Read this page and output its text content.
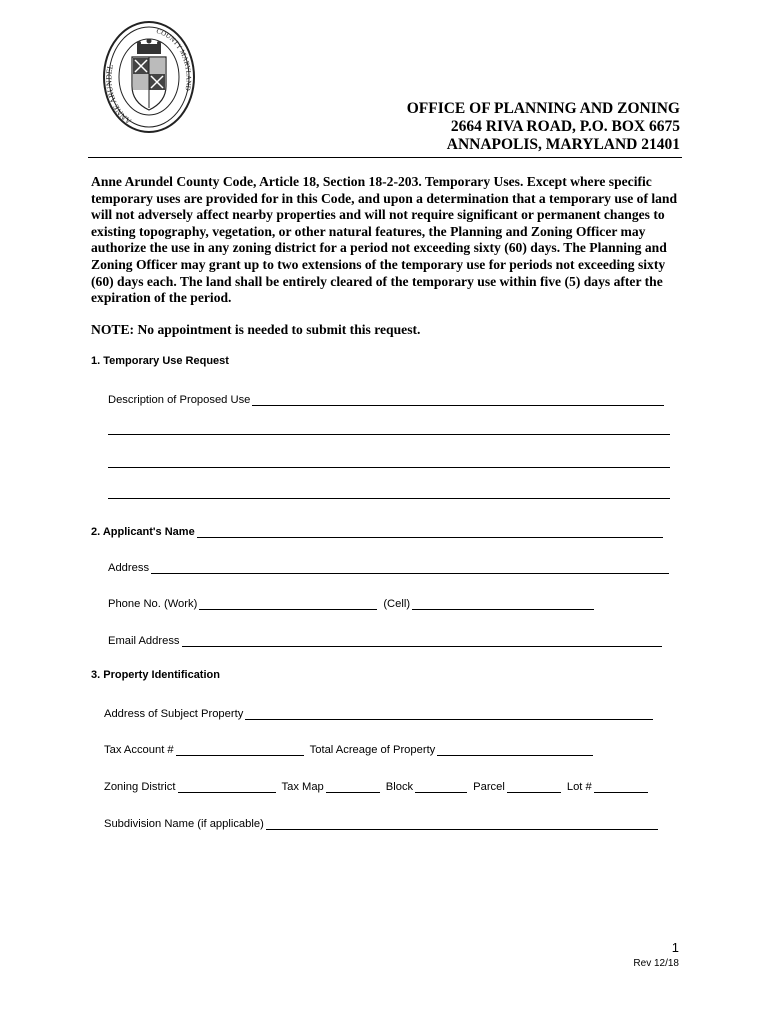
ANNE ARUNDEL
COUNTY MARYLAND
OFFICE OF PLANNING AND ZONING
2664 RIVA ROAD, P.O. BOX 6675
ANNAPOLIS, MARYLAND 21401
Anne Arundel County Code, Article 18, Section 18-2-203. Temporary Uses. Except where specific temporary uses are provided for in this Code, and upon a determination that a temporary use of land will not adversely affect nearby properties and will not require significant or permanent changes to existing topography, vegetation, or other natural features, the Planning and Zoning Officer may authorize the use in any zoning district for a period not exceeding sixty (60) days. The Planning and Zoning Officer may grant up to two extensions of the temporary use for periods not exceeding sixty (60) days each. The land shall be entirely cleared of the temporary use within five (5) days after the expiration of the period.
NOTE: No appointment is needed to submit this request.
1. Temporary Use Request
Description of Proposed Use
2. Applicant's Name
Address
Phone No. (Work)	(Cell)
Email Address
3. Property Identification
Address of Subject Property
Tax Account #	Total Acreage of Property
Zoning District	Tax Map	Block	Parcel	Lot #
Subdivision Name (if applicable)
1
Rev 12/18
